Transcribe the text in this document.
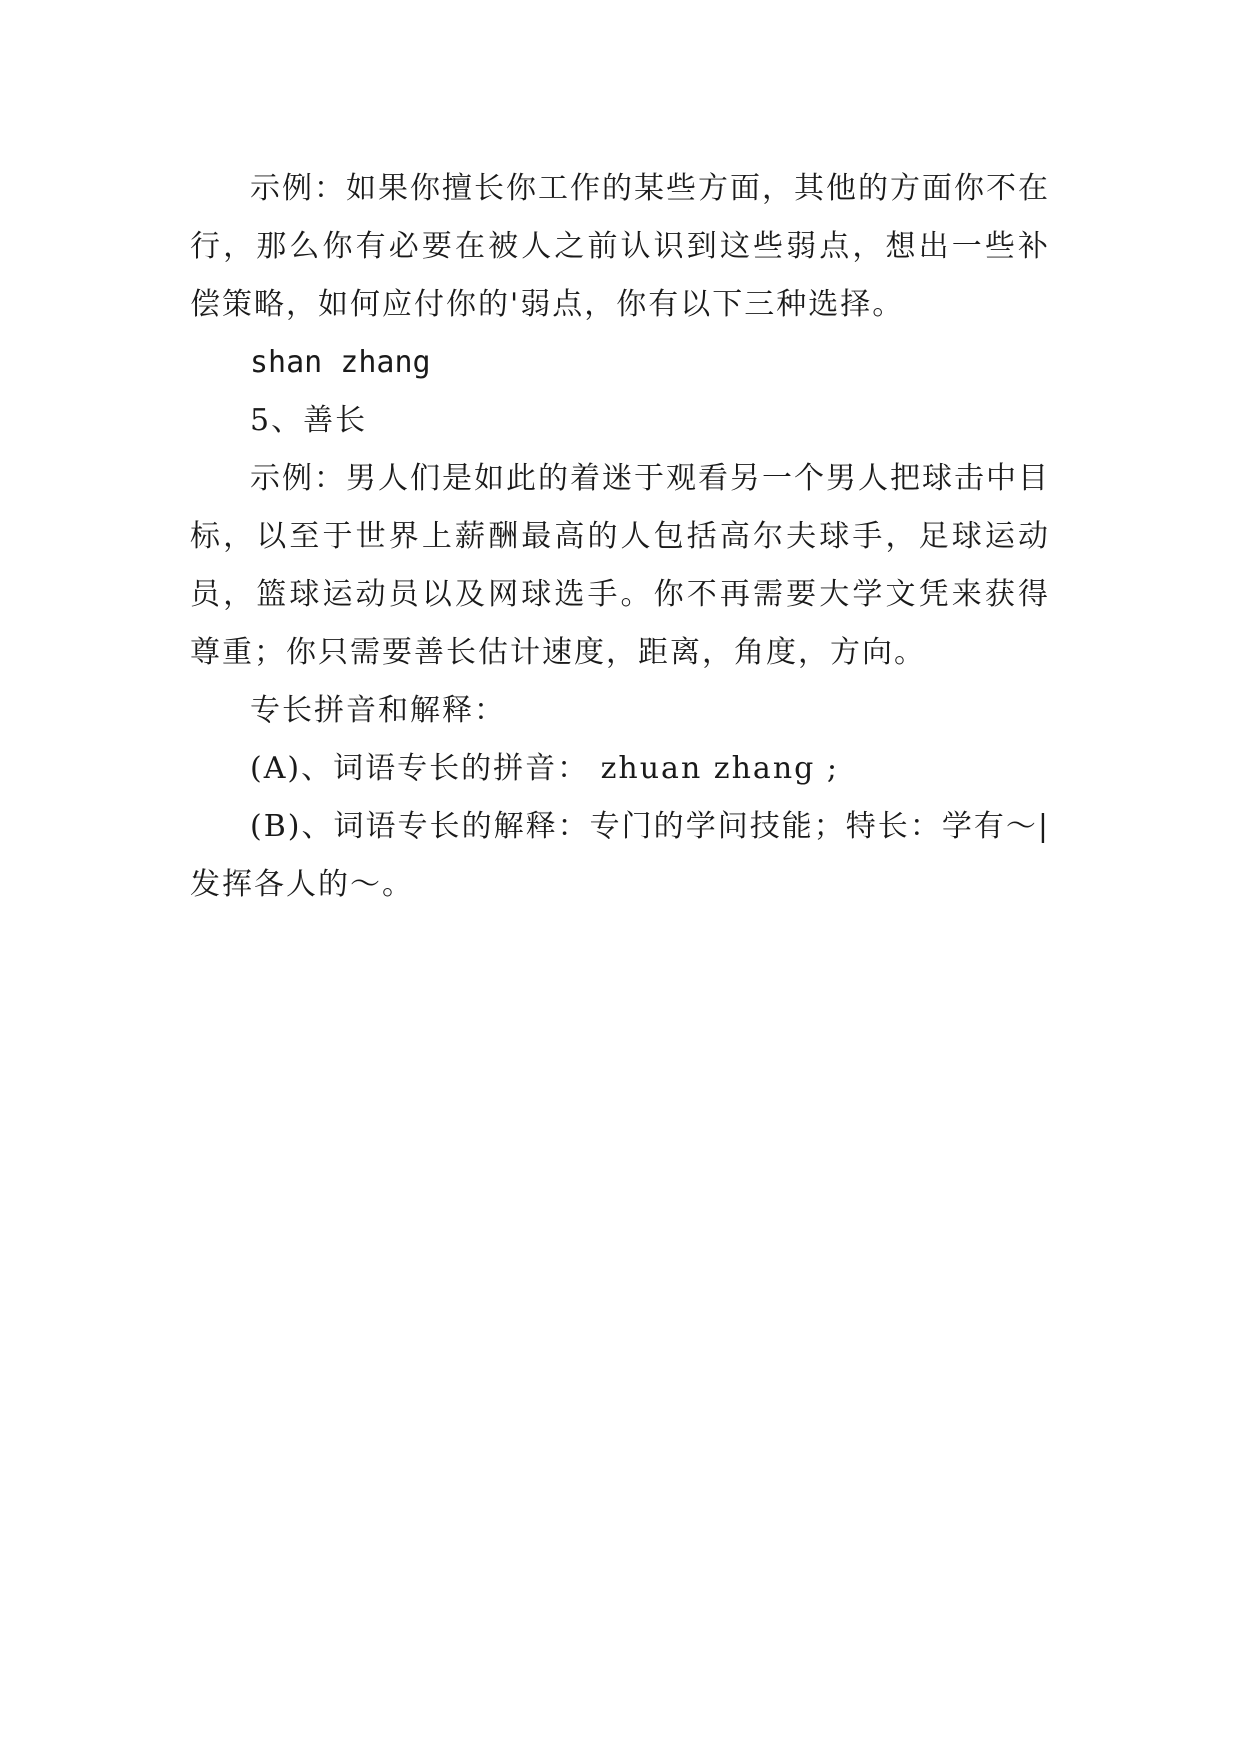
示例：如果你擅长你工作的某些方面，其他的方面你不在行，那么你有必要在被人之前认识到这些弱点，想出一些补偿策略，如何应付你的'弱点，你有以下三种选择。

shan zhang

5、善长

示例：男人们是如此的着迷于观看另一个男人把球击中目标，以至于世界上薪酬最高的人包括高尔夫球手，足球运动员，篮球运动员以及网球选手。你不再需要大学文凭来获得尊重；你只需要善长估计速度，距离，角度，方向。

专长拼音和解释：

(A)、词语专长的拼音： zhuan zhang ;

(B)、词语专长的解释：专门的学问技能；特长：学有～|发挥各人的～。
